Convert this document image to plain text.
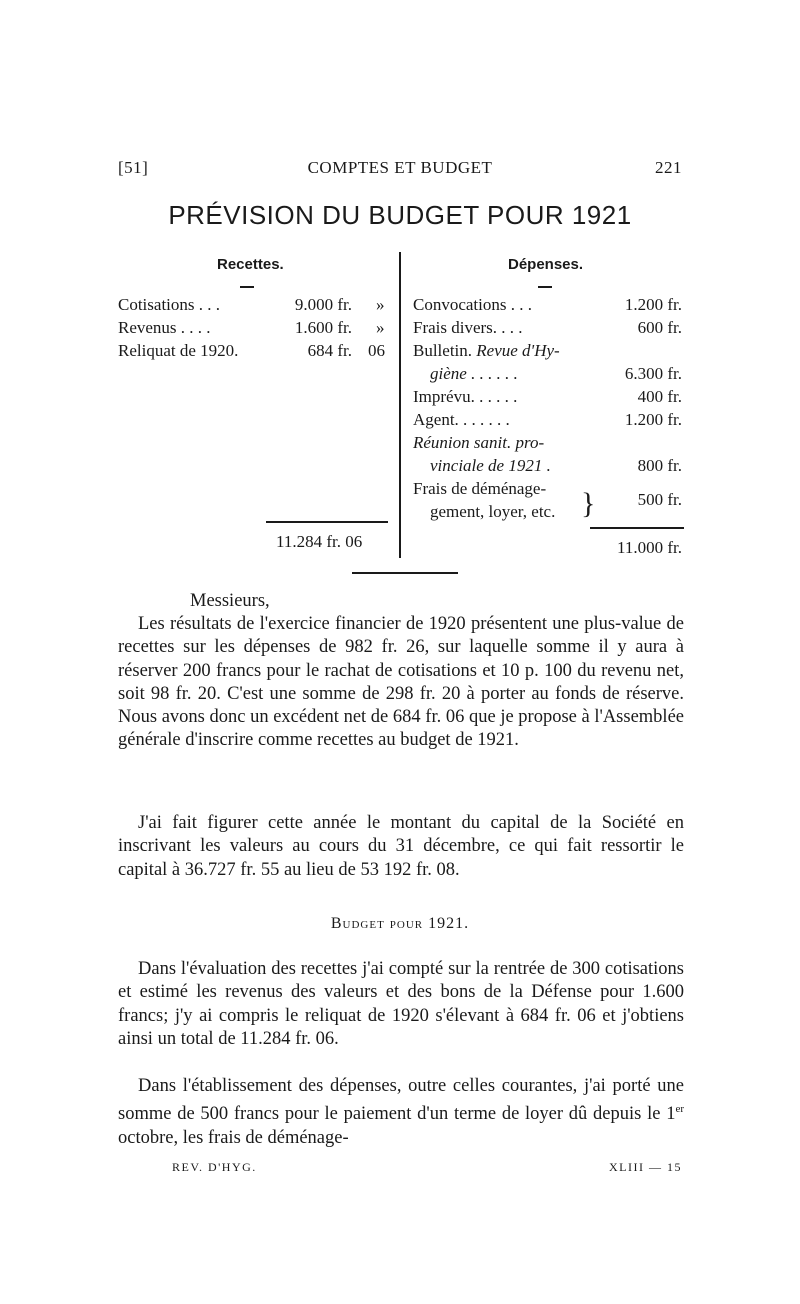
[51]	COMPTES ET BUDGET	221
PRÉVISION DU BUDGET POUR 1921
Recettes.	Dépenses.
Cotisations . . .	9.000 fr. »
Revenus . . . .	1.600 fr. »
Reliquat de 1920.	684 fr. 06
11.284 fr. 06
Convocations . . .	1.200 fr.
Frais divers. . . .	600 fr.
Bulletin. Revue d'Hy-
giène . . . . . .	6.300 fr.
Imprévu. . . . . .	400 fr.
Agent. . . . . . .	1.200 fr.
Réunion sanit. pro-
vinciale de 1921 .	800 fr.
Frais de déménage-
gement, loyer, etc. } 500 fr.
11.000 fr.
Messieurs,
Les résultats de l'exercice financier de 1920 présentent une plus-value de recettes sur les dépenses de 982 fr. 26, sur laquelle somme il y aura à réserver 200 francs pour le rachat de cotisations et 10 p. 100 du revenu net, soit 98 fr. 20. C'est une somme de 298 fr. 20 à porter au fonds de réserve. Nous avons donc un excédent net de 684 fr. 06 que je propose à l'Assemblée générale d'inscrire comme recettes au budget de 1921.
J'ai fait figurer cette année le montant du capital de la Société en inscrivant les valeurs au cours du 31 décembre, ce qui fait ressortir le capital à 36.727 fr. 55 au lieu de 53 192 fr. 08.
Budget pour 1921.
Dans l'évaluation des recettes j'ai compté sur la rentrée de 300 cotisations et estimé les revenus des valeurs et des bons de la Défense pour 1.600 francs; j'y ai compris le reliquat de 1920 s'élevant à 684 fr. 06 et j'obtiens ainsi un total de 11.284 fr. 06.
Dans l'établissement des dépenses, outre celles courantes, j'ai porté une somme de 500 francs pour le paiement d'un terme de loyer dû depuis le 1er octobre, les frais de déménage-
REV. D'HYG.	XLIII — 15
